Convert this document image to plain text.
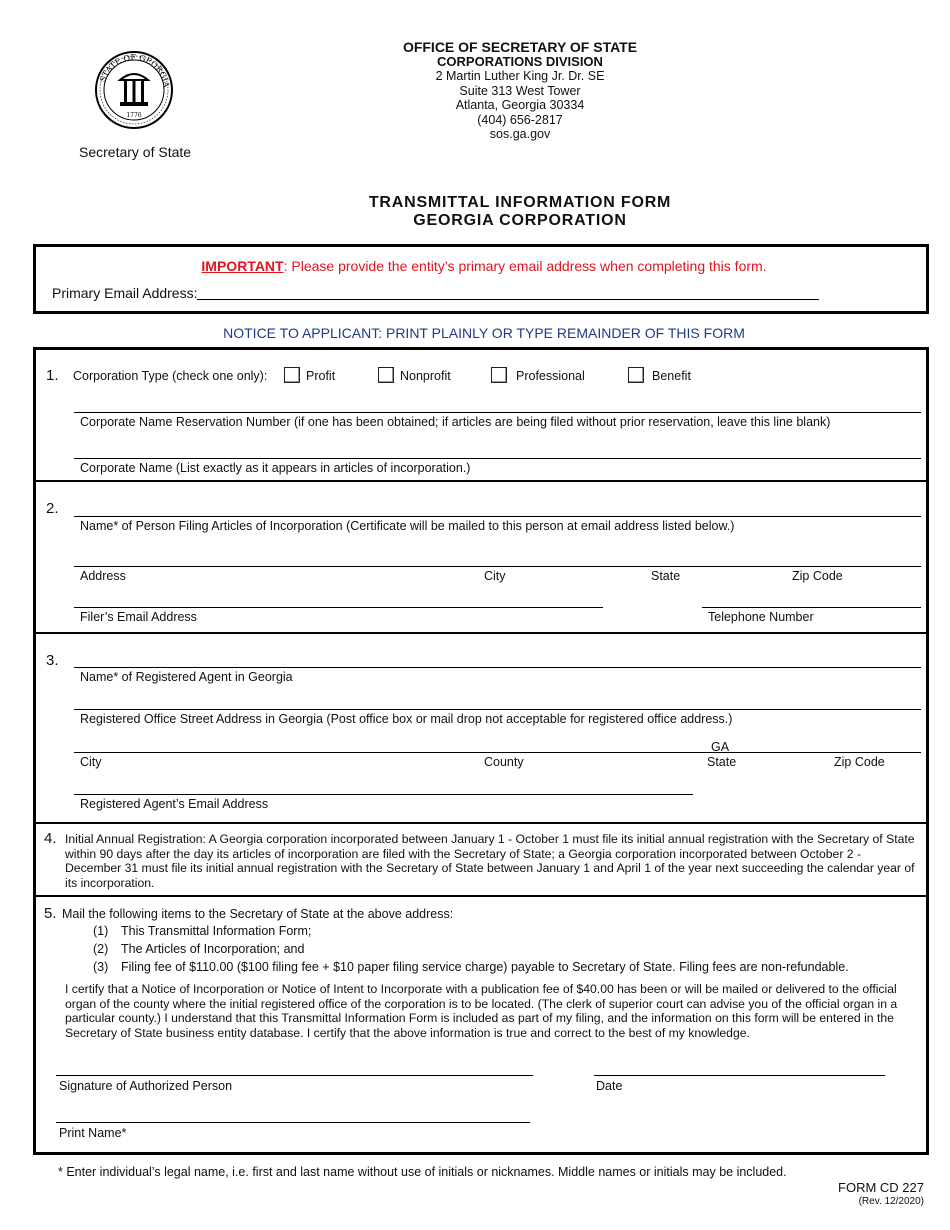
STATE OF GEORGIA
1776
Secretary of State
OFFICE OF SECRETARY OF STATE
CORPORATIONS DIVISION
2 Martin Luther King Jr. Dr. SE
Suite 313 West Tower
Atlanta, Georgia 30334
(404) 656-2817
sos.ga.gov
TRANSMITTAL INFORMATION FORM
GEORGIA CORPORATION
IMPORTANT: Please provide the entity’s primary email address when completing this form.
Primary Email Address:
NOTICE TO APPLICANT: PRINT PLAINLY OR TYPE REMAINDER OF THIS FORM
1. Corporation Type (check one only):	Profit	Nonprofit	Professional	Benefit
Corporate Name Reservation Number (if one has been obtained; if articles are being filed without prior reservation, leave this line blank)
Corporate Name (List exactly as it appears in articles of incorporation.)
2.
Name* of Person Filing Articles of Incorporation (Certificate will be mailed to this person at email address listed below.)
Address	City	State	Zip Code
Filer’s Email Address	Telephone Number
3.
Name* of Registered Agent in Georgia
Registered Office Street Address in Georgia (Post office box or mail drop not acceptable for registered office address.)
GA
City	County	State	Zip Code
Registered Agent’s Email Address
4. Initial Annual Registration: A Georgia corporation incorporated between January 1 - October 1 must file its initial annual registration with the Secretary of State within 90 days after the day its articles of incorporation are filed with the Secretary of State; a Georgia corporation incorporated between October 2 - December 31 must file its initial annual registration with the Secretary of State between January 1 and April 1 of the year next succeeding the calendar year of its incorporation.
5. Mail the following items to the Secretary of State at the above address:
(1) This Transmittal Information Form;
(2) The Articles of Incorporation; and
(3) Filing fee of $110.00 ($100 filing fee + $10 paper filing service charge) payable to Secretary of State. Filing fees are non-refundable.
I certify that a Notice of Incorporation or Notice of Intent to Incorporate with a publication fee of $40.00 has been or will be mailed or delivered to the official organ of the county where the initial registered office of the corporation is to be located. (The clerk of superior court can advise you of the official organ in a particular county.) I understand that this Transmittal Information Form is included as part of my filing, and the information on this form will be entered in the Secretary of State business entity database. I certify that the above information is true and correct to the best of my knowledge.
Signature of Authorized Person	Date
Print Name*
* Enter individual’s legal name, i.e. first and last name without use of initials or nicknames. Middle names or initials may be included.
FORM CD 227
(Rev. 12/2020)
